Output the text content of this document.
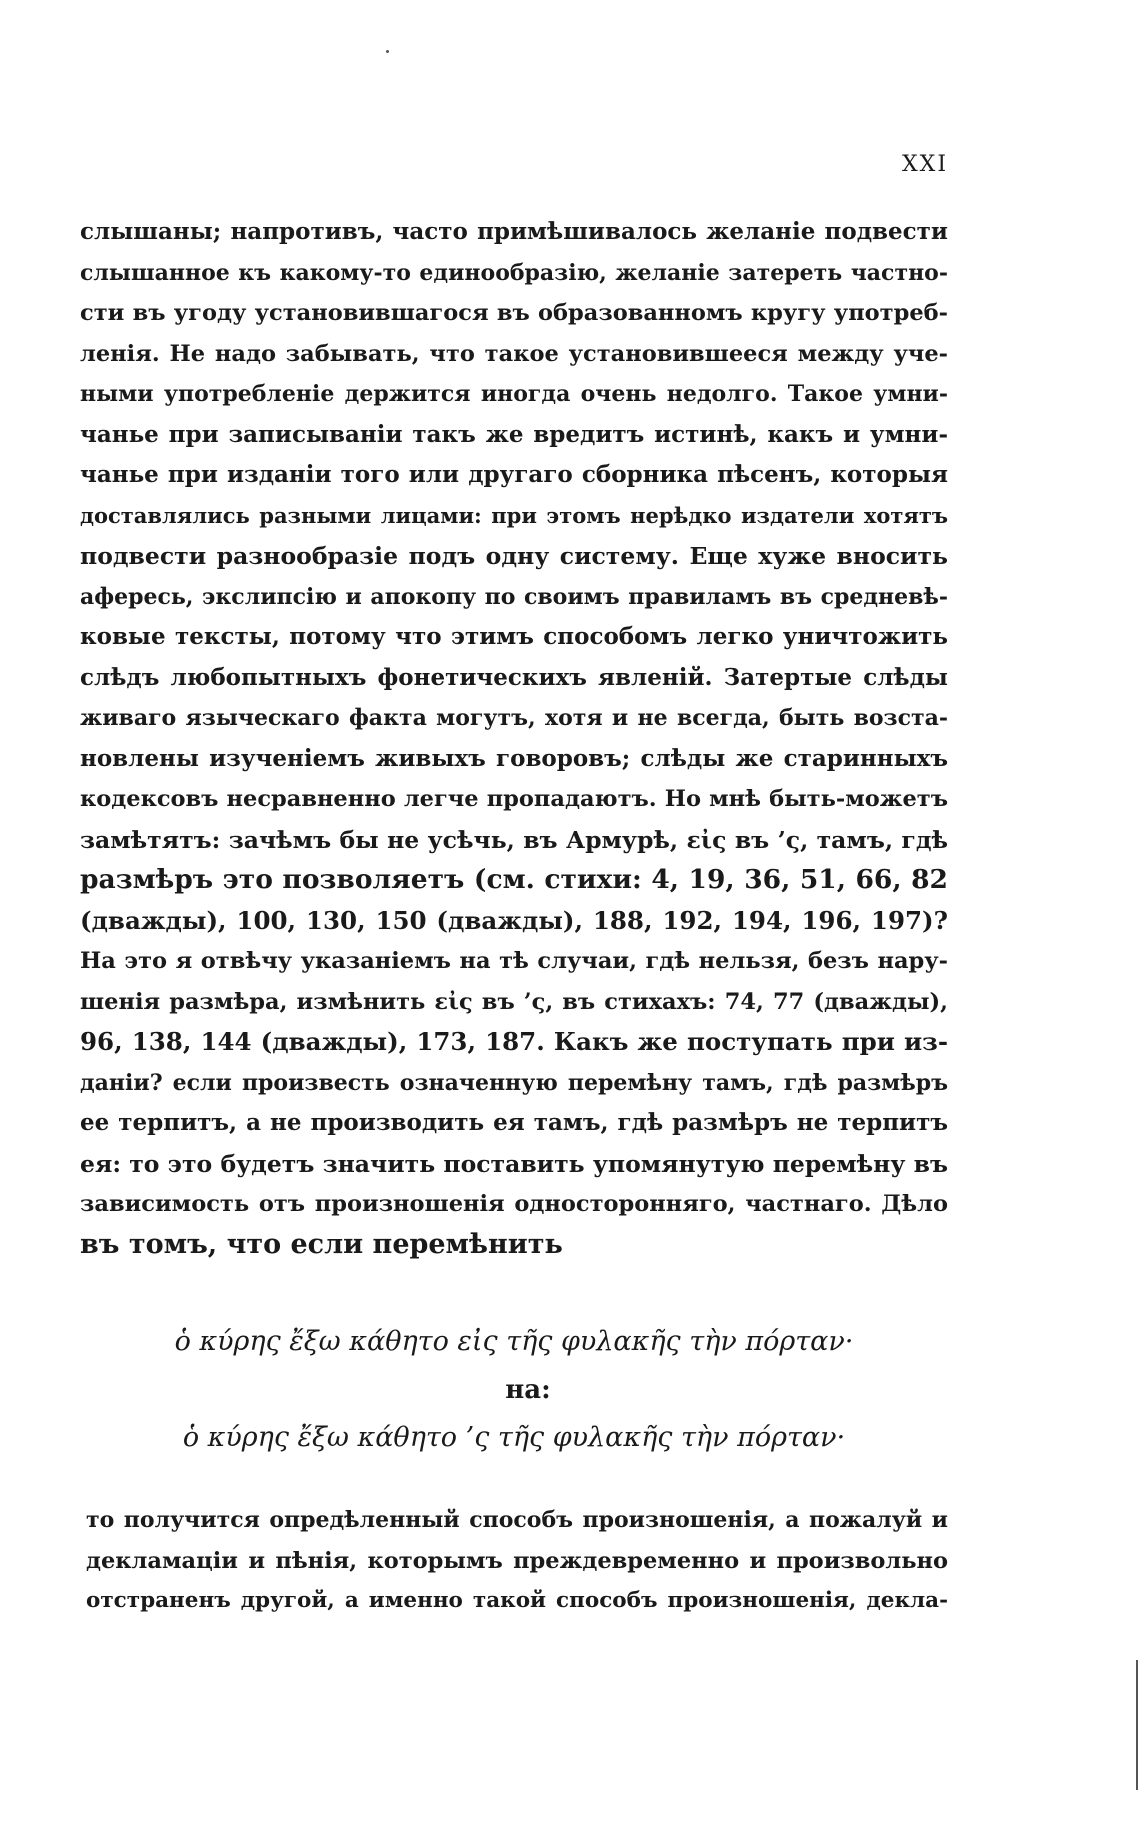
XXI
слышаны; напротивъ, часто примѣшивалось желанiе подвести
слышанное къ какому-то единообразiю, желанiе затереть частно-
сти въ угоду установившагося въ образованномъ кругу употреб-
ленiя. Не надо забывать, что такое установившееся между уче-
ными употребленiе держится иногда очень недолго. Такое умни-
чанье при записыванiи такъ же вредитъ истинѣ, какъ и умни-
чанье при изданiи того или другаго сборника пѣсенъ, которыя
доставлялись разными лицами: при этомъ нерѣдко издатели хотятъ
подвести разнообразiе подъ одну систему. Еще хуже вносить
афересь, экслипсiю и апокопу по своимъ правиламъ въ средневѣ-
ковые тексты, потому что этимъ способомъ легко уничтожить
слѣдъ любопытныхъ фонетическихъ явленiй. Затертые слѣды
живаго языческаго факта могутъ, хотя и не всегда, быть возста-
новлены изученiемъ живыхъ говоровъ; слѣды же старинныхъ
кодексовъ несравненно легче пропадаютъ. Но мнѣ быть-можетъ
замѣтятъ: зачѣмъ бы не усѣчь, въ Армурѣ, εἰς въ ’ς, тамъ, гдѣ
размѣръ это позволяетъ (см. стихи: 4, 19, 36, 51, 66, 82
(дважды), 100, 130, 150 (дважды), 188, 192, 194, 196, 197)?
На это я отвѣчу указанiемъ на тѣ случаи, гдѣ нельзя, безъ нару-
шенiя размѣра, измѣнить εἰς въ ’ς, въ стихахъ: 74, 77 (дважды),
96, 138, 144 (дважды), 173, 187. Какъ же поступать при из-
данiи? если произвесть означенную перемѣну тамъ, гдѣ размѣръ
ее терпитъ, а не производить ея тамъ, гдѣ размѣръ не терпитъ
ея: то это будетъ значить поставить упомянутую перемѣну въ
зависимость отъ произношенiя односторонняго, частнаго. Дѣло
въ томъ, что если перемѣнить
ὁ κύρης ἔξω κάθητο εἰς τῆς φυλακῆς τὴν πόρταν·
на:
ὁ κύρης ἔξω κάθητο ’ς τῆς φυλακῆς τὴν πόρταν·
то получится опредѣленный способъ произношенiя, а пожалуй и
декламацiи и пѣнiя, которымъ преждевременно и произвольно
отстраненъ другой, а именно такой способъ произношенiя, декла-
